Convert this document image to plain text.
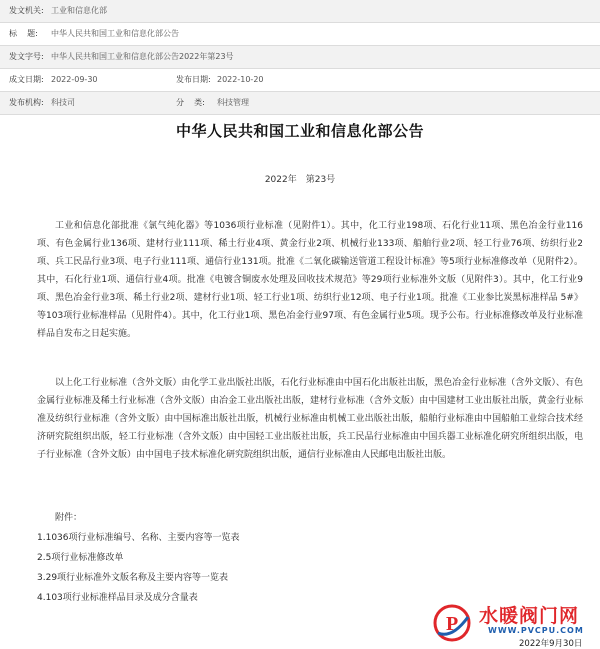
发文机关: 工业和信息化部
标    题: 中华人民共和国工业和信息化部公告
发文字号: 中华人民共和国工业和信息化部公告2022年第23号
成文日期: 2022-09-30	发布日期: 2022-10-20
发布机构: 科技司	分    类: 科技管理
中华人民共和国工业和信息化部公告
2022年　第23号

工业和信息化部批准《氯气纯化器》等1036项行业标准（见附件1）。其中，化工行业198项、石化行业11项、黑色冶金行业116项、有色金属行业136项、建材行业111项、稀土行业4项、黄金行业2项、机械行业133项、船舶行业2项、轻工行业76项、纺织行业2项、兵工民品行业3项、电子行业111项、通信行业131项。批准《二氧化碳输送管道工程设计标准》等5项行业标准修改单（见附件2）。其中，石化行业1项、通信行业4项。批准《电镀含铜废水处理及回收技术规范》等29项行业标准外文版（见附件3）。其中，化工行业9项、黑色冶金行业3项、稀土行业2项、建材行业1项、轻工行业1项、纺织行业12项、电子行业1项。批准《工业参比炭黑标准样品 5#》等103项行业标准样品（见附件4）。其中，化工行业1项、黑色冶金行业97项、有色金属行业5项。现予公布。行业标准修改单及行业标准样品自发布之日起实施。

以上化工行业标准（含外文版）由化学工业出版社出版，石化行业标准由中国石化出版社出版，黑色冶金行业标准（含外文版）、有色金属行业标准及稀土行业标准（含外文版）由冶金工业出版社出版，建材行业标准（含外文版）由中国建材工业出版社出版，黄金行业标准及纺织行业标准（含外文版）由中国标准出版社出版，机械行业标准由机械工业出版社出版，船舶行业标准由中国船舶工业综合技术经济研究院组织出版，轻工行业标准（含外文版）由中国轻工业出版社出版，兵工民品行业标准由中国兵器工业标准化研究所组织出版，电子行业标准（含外文版）由中国电子技术标准化研究院组织出版，通信行业标准由人民邮电出版社出版。

附件：
1.1036项行业标准编号、名称、主要内容等一览表
2.5项行业标准修改单
3.29项行业标准外文版名称及主要内容等一览表
4.103项行业标准样品目录及成分含量表
P 水暖阀门网
WWW.PVCPU.COM
2022年9月30日
